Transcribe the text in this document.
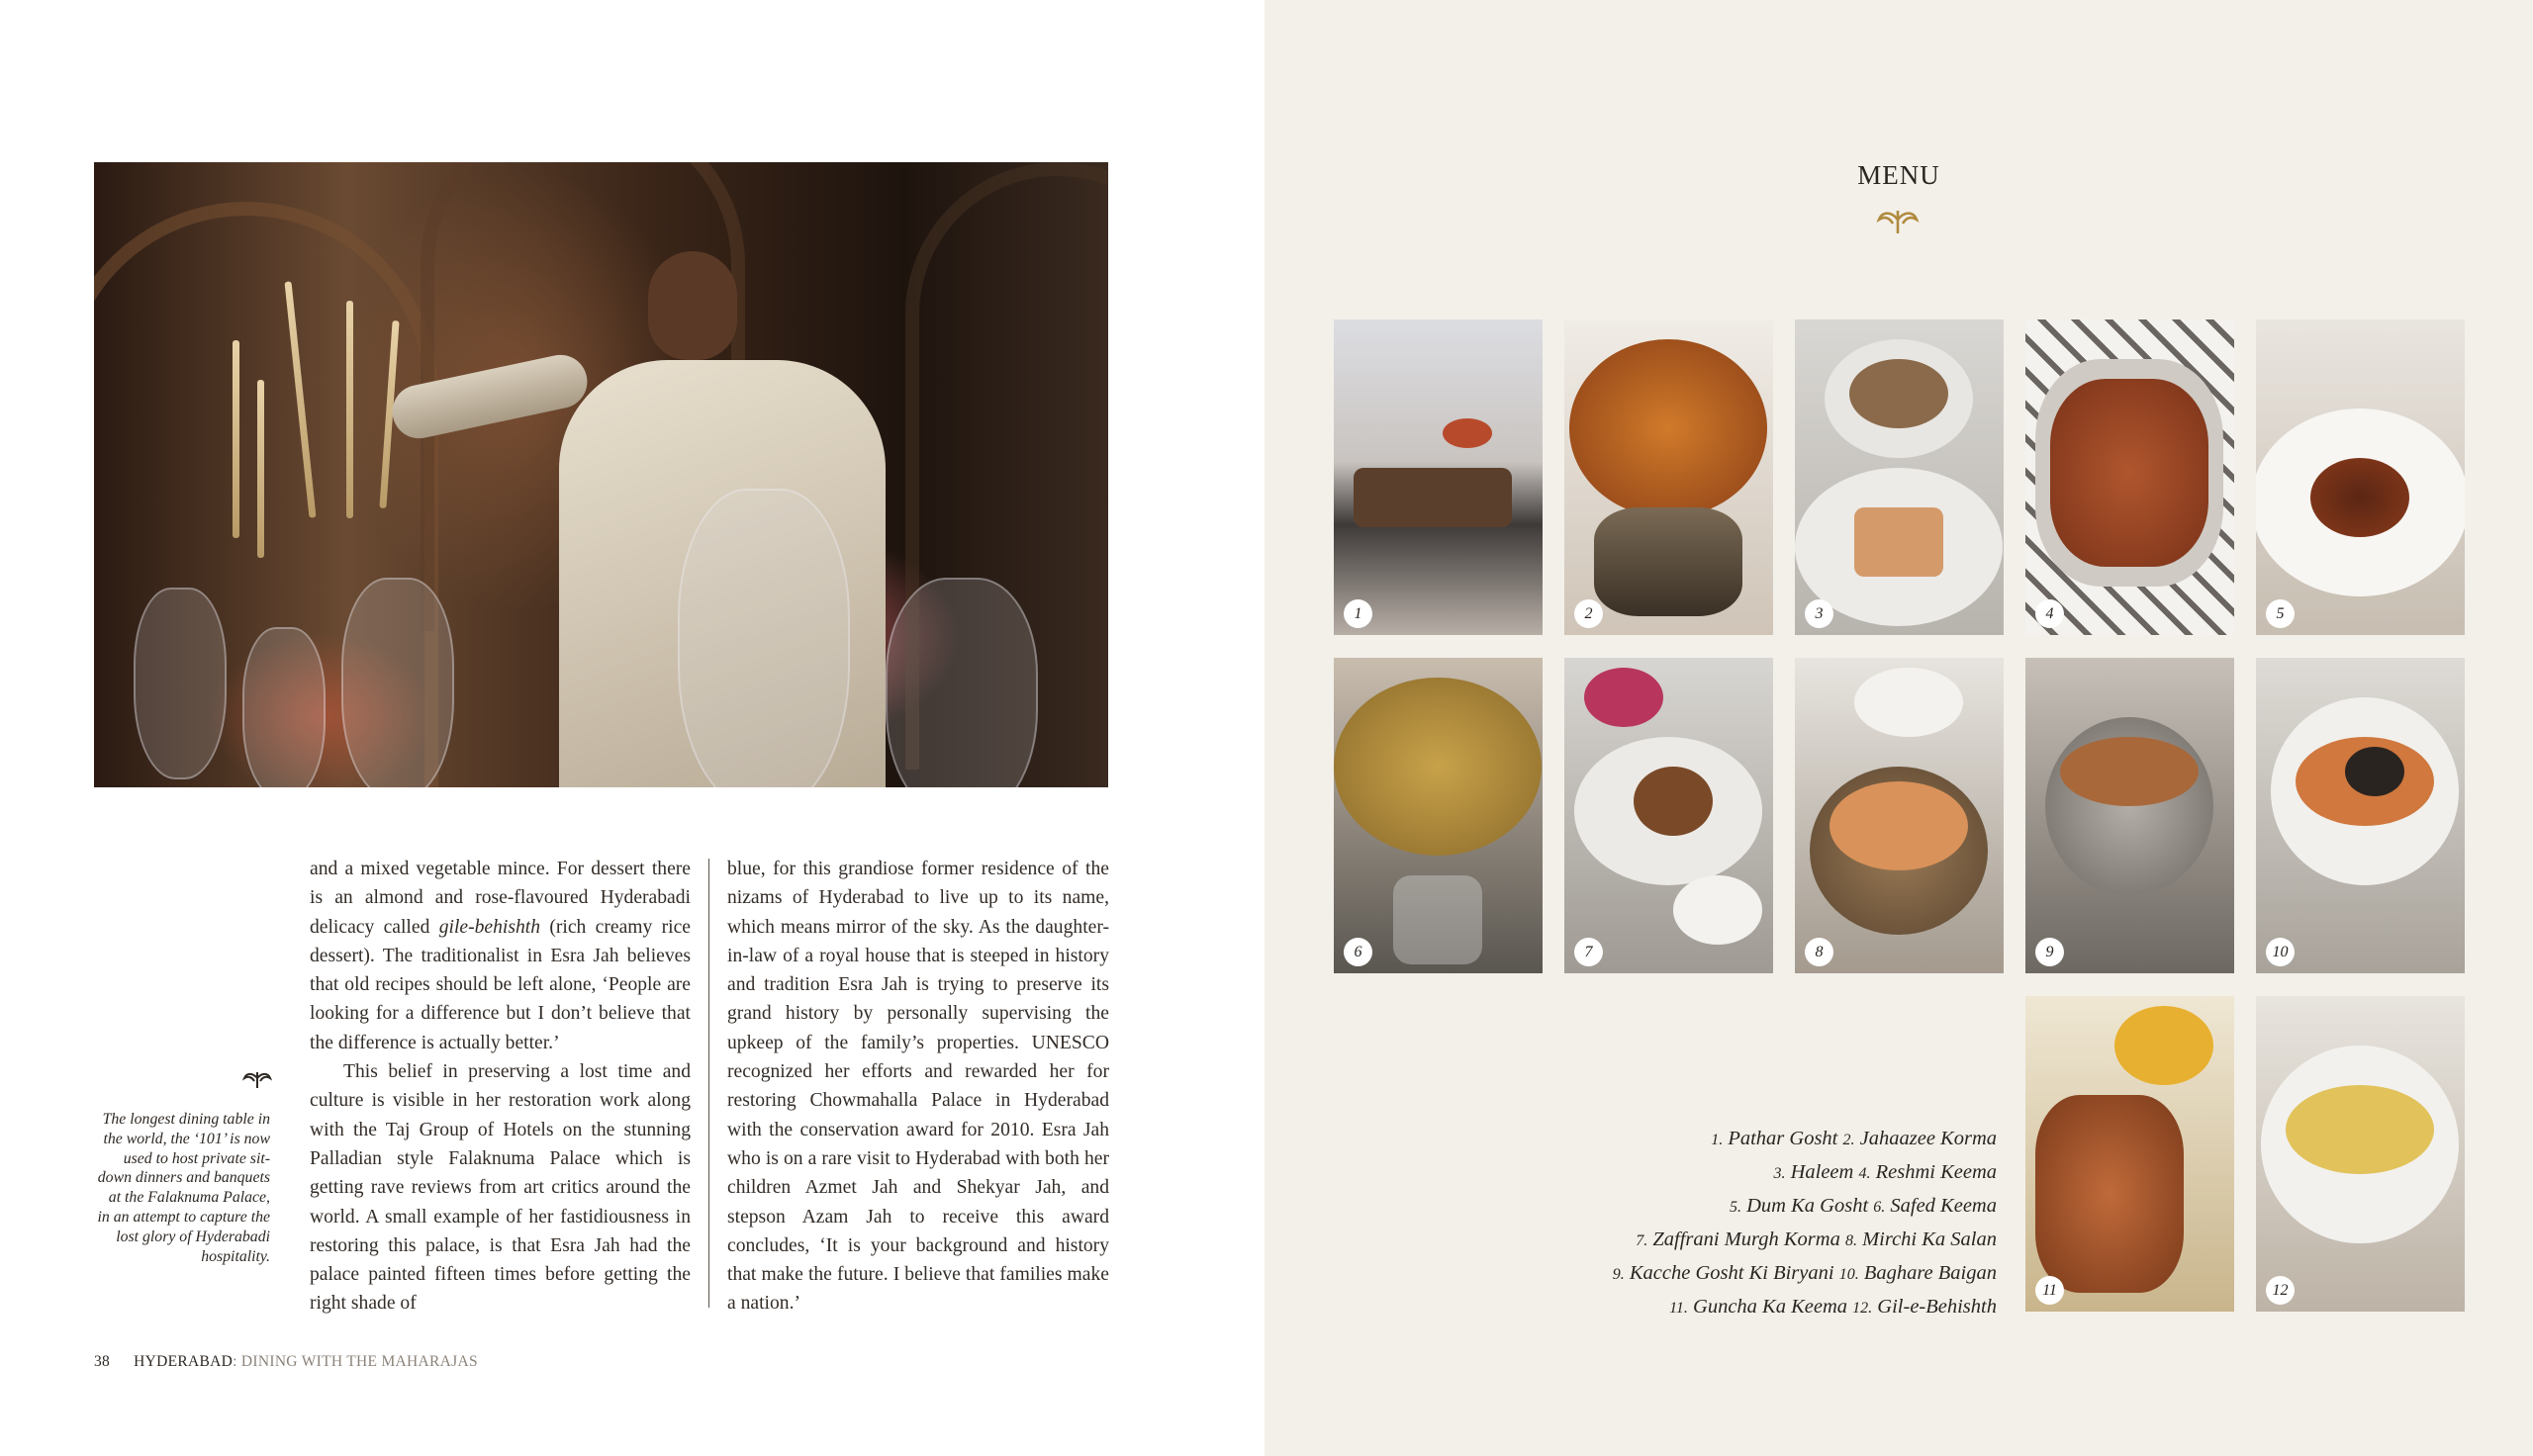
and a mixed vegetable mince. For dessert there is an almond and rose-flavoured Hyderabadi delicacy called gile-behishth (rich creamy rice dessert). The traditionalist in Esra Jah believes that old recipes should be left alone, ‘People are looking for a difference but I don’t believe that the difference is actually better.’

This belief in preserving a lost time and culture is visible in her restoration work along with the Taj Group of Hotels on the stunning Palladian style Falaknuma Palace which is getting rave reviews from art critics around the world. A small example of her fastidiousness in restoring this palace, is that Esra Jah had the palace painted fifteen times before getting the right shade of

blue, for this grandiose former residence of the nizams of Hyderabad to live up to its name, which means mirror of the sky. As the daughter-in-law of a royal house that is steeped in history and tradition Esra Jah is trying to preserve its grand history by personally supervising the upkeep of the family’s properties. UNESCO recognized her efforts and rewarded her for restoring Chowmahalla Palace in Hyderabad with the conservation award for 2010. Esra Jah who is on a rare visit to Hyderabad with both her children Azmet Jah and Shekyar Jah, and stepson Azam Jah to receive this award concludes, ‘It is your background and history that make the future. I believe that families make a nation.’

The longest dining table in the world, the ‘101’ is now used to host private sit-down dinners and banquets at the Falaknuma Palace, in an attempt to capture the lost glory of Hyderabadi hospitality.
38 HYDERABAD: DINING WITH THE MAHARAJAS
MENU
1	2	3	4	5
6	7	8	9	10
11	12
1. Pathar Gosht 2. Jahaazee Korma
3. Haleem 4. Reshmi Keema
5. Dum Ka Gosht 6. Safed Keema
7. Zaffrani Murgh Korma 8. Mirchi Ka Salan
9. Kacche Gosht Ki Biryani 10. Baghare Baigan
11. Guncha Ka Keema 12. Gil-e-Behishth
